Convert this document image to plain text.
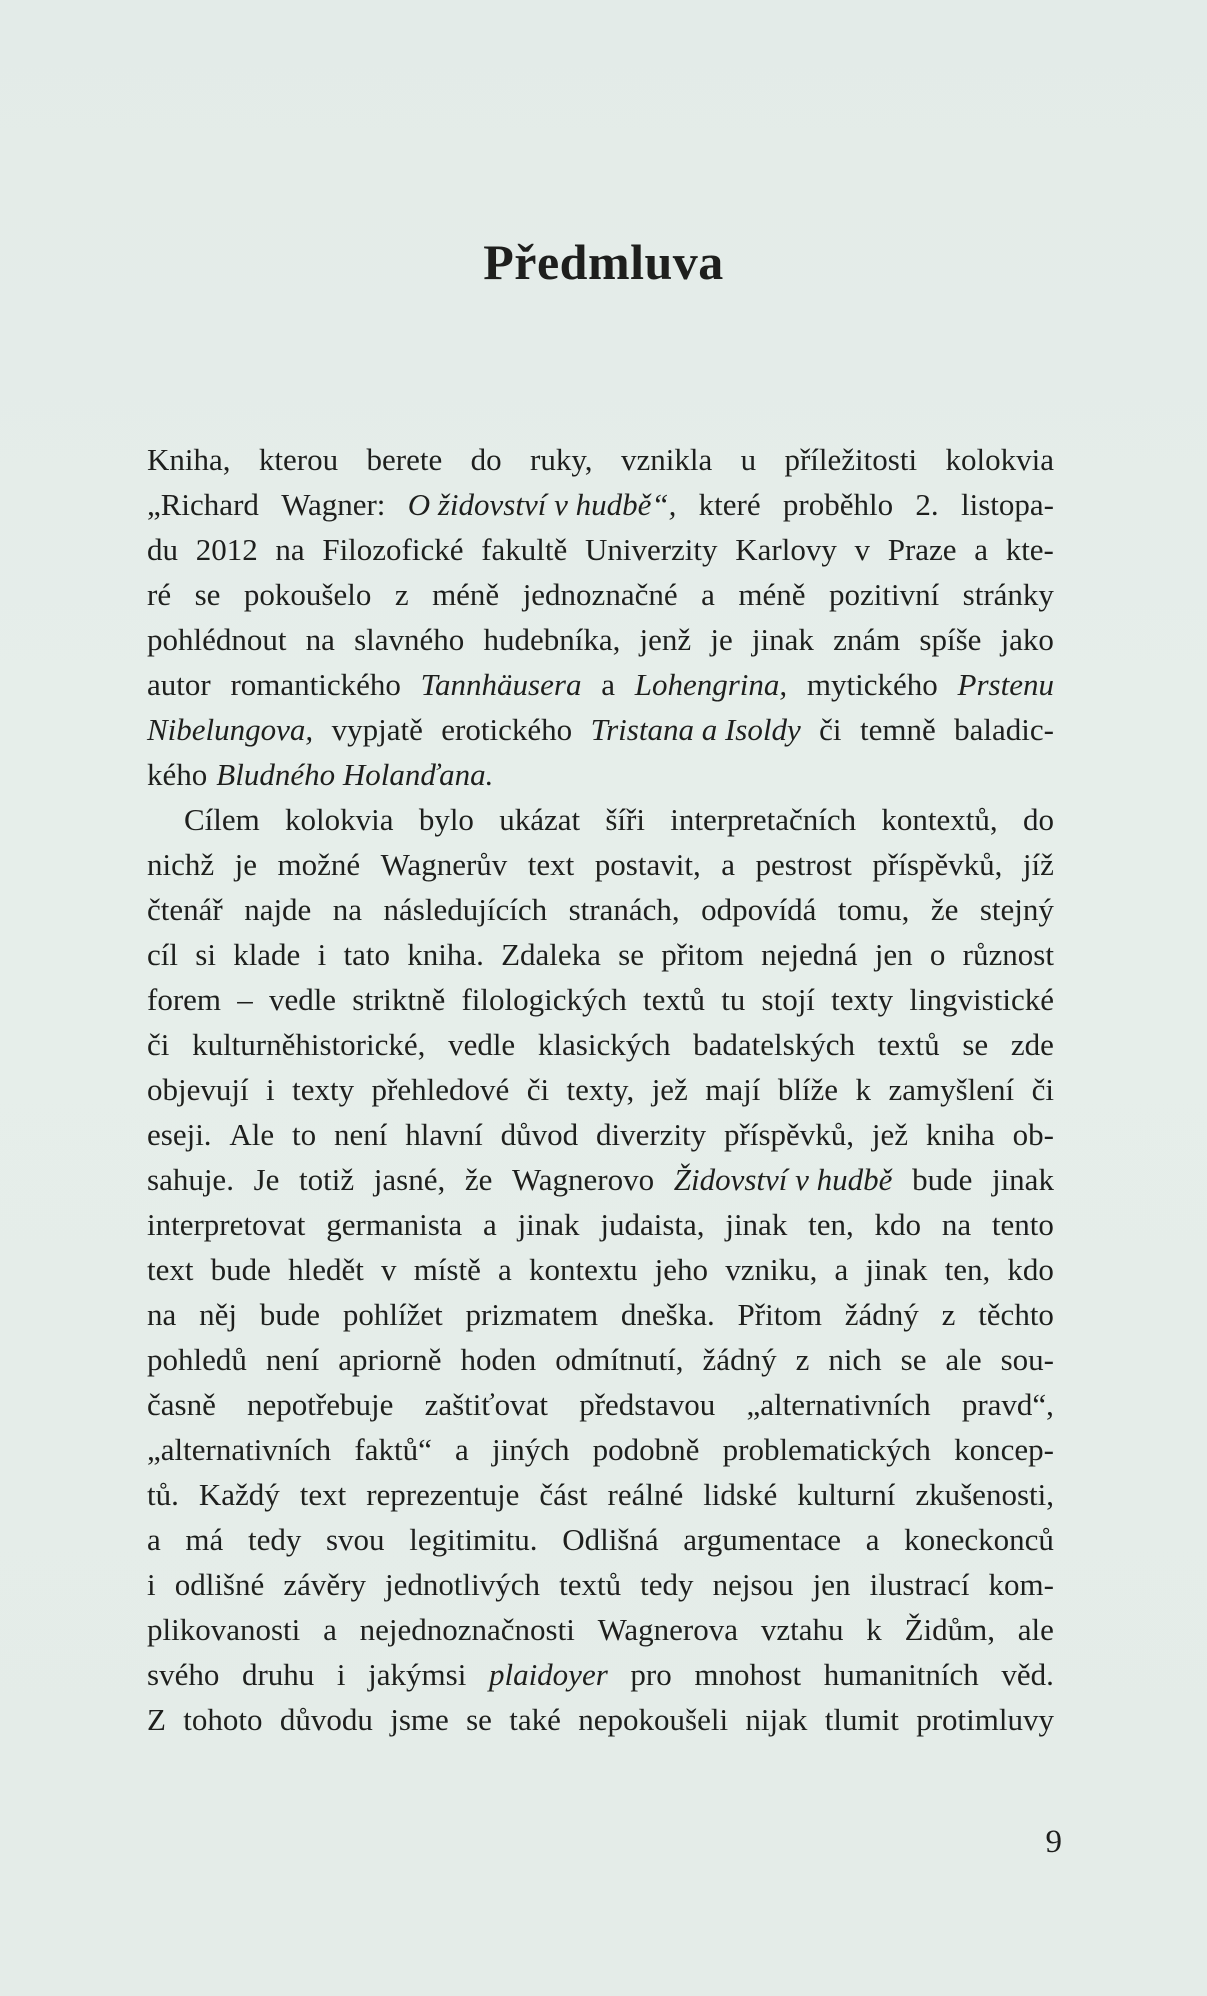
Předmluva
Kniha, kterou berete do ruky, vznikla u příležitosti kolokvia
„Richard Wagner: O židovství v hudbě“, které proběhlo 2. listopa-
du 2012 na Filozofické fakultě Univerzity Karlovy v Praze a kte-
ré se pokoušelo z méně jednoznačné a méně pozitivní stránky
pohlédnout na slavného hudebníka, jenž je jinak znám spíše jako
autor romantického Tannhäusera a Lohengrina, mytického Prstenu
Nibelungova, vypjatě erotického Tristana a Isoldy či temně baladic-
kého Bludného Holanďana.
Cílem kolokvia bylo ukázat šíři interpretačních kontextů, do
nichž je možné Wagnerův text postavit, a pestrost příspěvků, jíž
čtenář najde na následujících stranách, odpovídá tomu, že stejný
cíl si klade i tato kniha. Zdaleka se přitom nejedná jen o různost
forem – vedle striktně filologických textů tu stojí texty lingvistické
či kulturněhistorické, vedle klasických badatelských textů se zde
objevují i texty přehledové či texty, jež mají blíže k zamyšlení či
eseji. Ale to není hlavní důvod diverzity příspěvků, jež kniha ob-
sahuje. Je totiž jasné, že Wagnerovo Židovství v hudbě bude jinak
interpretovat germanista a jinak judaista, jinak ten, kdo na tento
text bude hledět v místě a kontextu jeho vzniku, a jinak ten, kdo
na něj bude pohlížet prizmatem dneška. Přitom žádný z těchto
pohledů není apriorně hoden odmítnutí, žádný z nich se ale sou-
časně nepotřebuje zaštiťovat představou „alternativních pravd“,
„alternativních faktů“ a jiných podobně problematických koncep-
tů. Každý text reprezentuje část reálné lidské kulturní zkušenosti,
a má tedy svou legitimitu. Odlišná argumentace a koneckonců
i odlišné závěry jednotlivých textů tedy nejsou jen ilustrací kom-
plikovanosti a nejednoznačnosti Wagnerova vztahu k Židům, ale
svého druhu i jakýmsi plaidoyer pro mnohost humanitních věd.
Z tohoto důvodu jsme se také nepokoušeli nijak tlumit protimluvy
9
